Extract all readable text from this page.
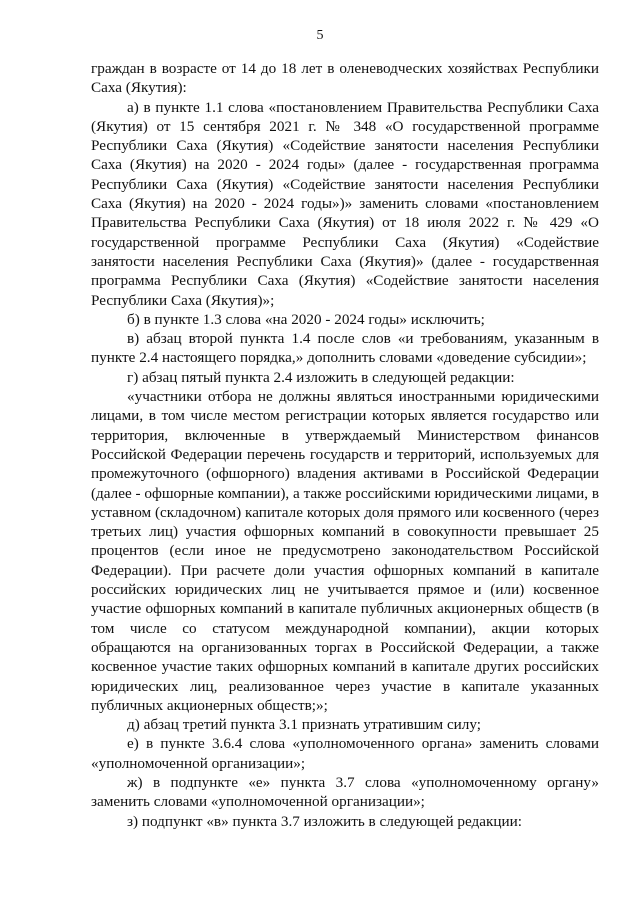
5

граждан в возрасте от 14 до 18 лет в оленеводческих хозяйствах Республики Саха (Якутия):

а) в пункте 1.1 слова «постановлением Правительства Республики Саха (Якутия) от 15 сентября 2021 г. № 348 «О государственной программе Республики Саха (Якутия) «Содействие занятости населения Республики Саха (Якутия) на 2020 - 2024 годы» (далее - государственная программа Республики Саха (Якутия) «Содействие занятости населения Республики Саха (Якутия) на 2020 - 2024 годы»)» заменить словами «постановлением Правительства Республики Саха (Якутия) от 18 июля 2022 г. № 429 «О государственной программе Республики Саха (Якутия) «Содействие занятости населения Республики Саха (Якутия)» (далее - государственная программа Республики Саха (Якутия) «Содействие занятости населения Республики Саха (Якутия)»;

б) в пункте 1.3 слова «на 2020 - 2024 годы» исключить;

в) абзац второй пункта 1.4 после слов «и требованиям, указанным в пункте 2.4 настоящего порядка,» дополнить словами «доведение субсидии»;

г) абзац пятый пункта 2.4 изложить в следующей редакции:

«участники отбора не должны являться иностранными юридическими лицами, в том числе местом регистрации которых является государство или территория, включенные в утверждаемый Министерством финансов Российской Федерации перечень государств и территорий, используемых для промежуточного (офшорного) владения активами в Российской Федерации (далее - офшорные компании), а также российскими юридическими лицами, в уставном (складочном) капитале которых доля прямого или косвенного (через третьих лиц) участия офшорных компаний в совокупности превышает 25 процентов (если иное не предусмотрено законодательством Российской Федерации). При расчете доли участия офшорных компаний в капитале российских юридических лиц не учитывается прямое и (или) косвенное участие офшорных компаний в капитале публичных акционерных обществ (в том числе со статусом международной компании), акции которых обращаются на организованных торгах в Российской Федерации, а также косвенное участие таких офшорных компаний в капитале других российских юридических лиц, реализованное через участие в капитале указанных публичных акционерных обществ;»;

д) абзац третий пункта 3.1 признать утратившим силу;

е) в пункте 3.6.4 слова «уполномоченного органа» заменить словами «уполномоченной организации»;

ж) в подпункте «е» пункта 3.7 слова «уполномоченному органу» заменить словами «уполномоченной организации»;

з) подпункт «в» пункта 3.7 изложить в следующей редакции:
